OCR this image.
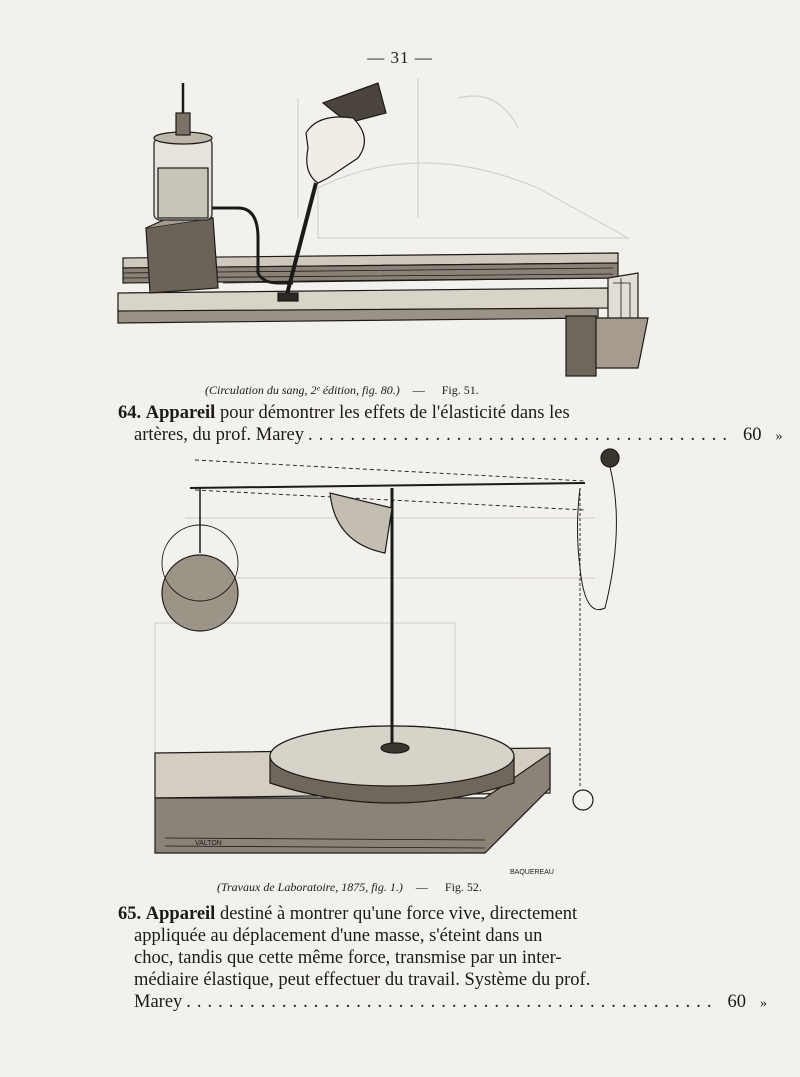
— 31 —
(Circulation du sang, 2ᵉ édition, fig. 80.) — Fig. 51.
64. Appareil pour démontrer les effets de l'élasticité dans les
artères, du prof. Marey ........................................ 60 »
VALTON
BAQUEREAU
(Travaux de Laboratoire, 1875, fig. 1.) — Fig. 52.
65. Appareil destiné à montrer qu'une force vive, directement
appliquée au déplacement d'une masse, s'éteint dans un
choc, tandis que cette même force, transmise par un inter-
médiaire élastique, peut effectuer du travail. Système du prof.
Marey .................................................. 60 »
